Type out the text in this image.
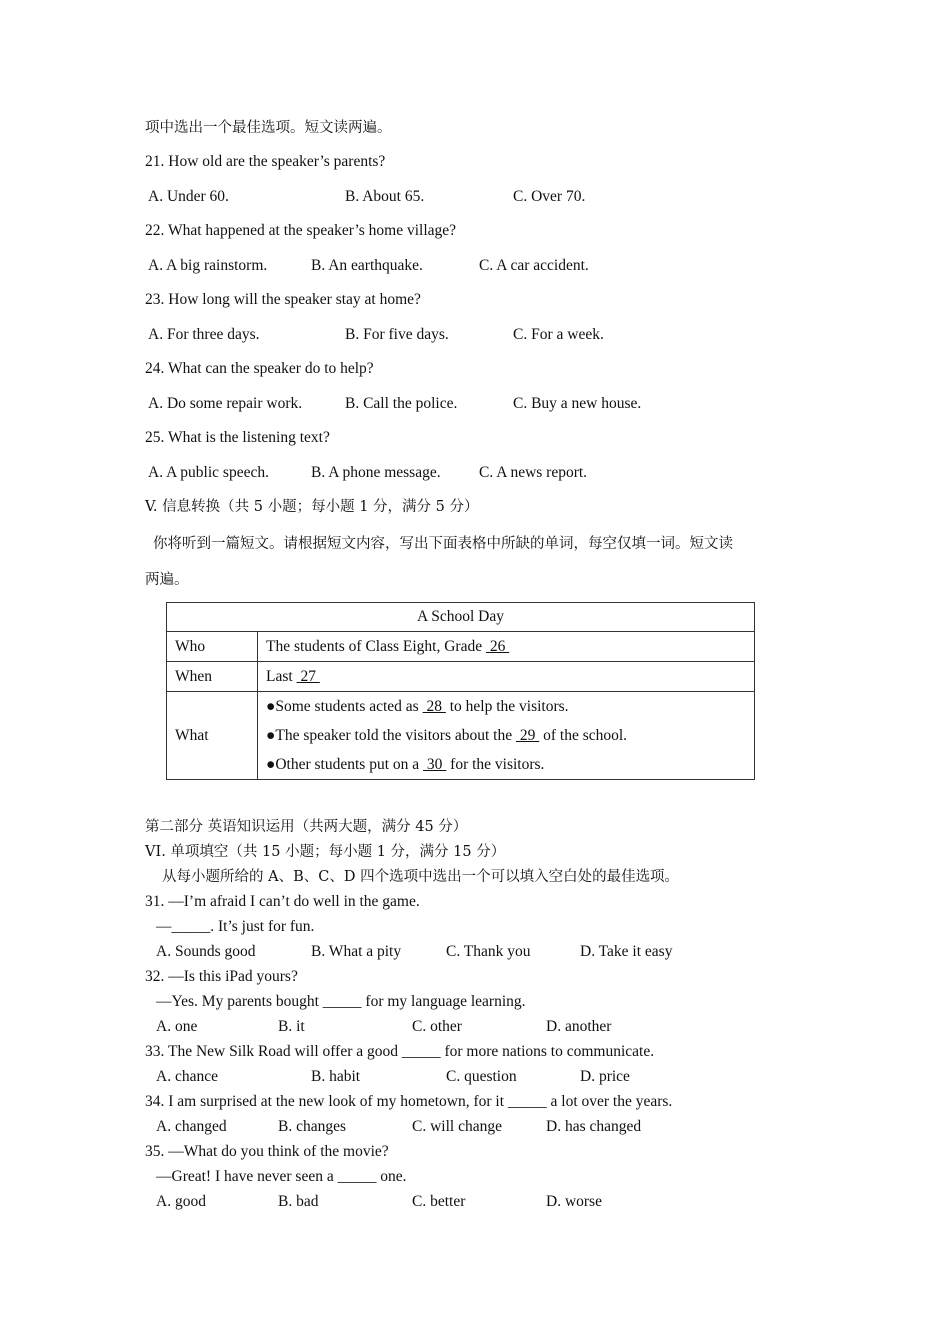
项中选出一个最佳选项。短文读两遍。
21. How old are the speaker’s parents?
A. Under 60.	B. About 65.	C. Over 70.
22. What happened at the speaker’s home village?
A. A big rainstorm.	B. An earthquake.	C. A car accident.
23. How long will the speaker stay at home?
A. For three days.	B. For five days.	C. For a week.
24. What can the speaker do to help?
A. Do some repair work.	B. Call the police.	C. Buy a new house.
25. What is the listening text?
A. A public speech.	B. A phone message. C. A news report.
V. 信息转换（共 5 小题；每小题 1 分，满分 5 分）
你将听到一篇短文。请根据短文内容，写出下面表格中所缺的单词，每空仅填一词。短文读
两遍。
A School Day	
Who	The students of Class Eight, Grade  26
When	Last  27
What	●Some students acted as  28  to help the visitors.
●The speaker told the visitors about the  29  of the school.
●Other students put on a  30  for the visitors.
第二部分 英语知识运用（共两大题，满分 45 分）
VI. 单项填空（共 15 小题；每小题 1 分，满分 15 分）
从每小题所给的 A、B、C、D 四个选项中选出一个可以填入空白处的最佳选项。
31. —I’m afraid I can’t do well in the game.
—_____. It’s just for fun.
A. Sounds good	B. What a pity	C. Thank you	D. Take it easy
32. —Is this iPad yours?
—Yes. My parents bought _____ for my language learning.
A. one	B. it	C. other	D. another
33. The New Silk Road will offer a good _____ for more nations to communicate.
A. chance	B. habit	C. question	D. price
34. I am surprised at the new look of my hometown, for it _____ a lot over the years.
A. changed	B. changes	C. will change	D. has changed
35. —What do you think of the movie?
—Great! I have never seen a _____ one.
A. good	B. bad	C. better	D. worse
